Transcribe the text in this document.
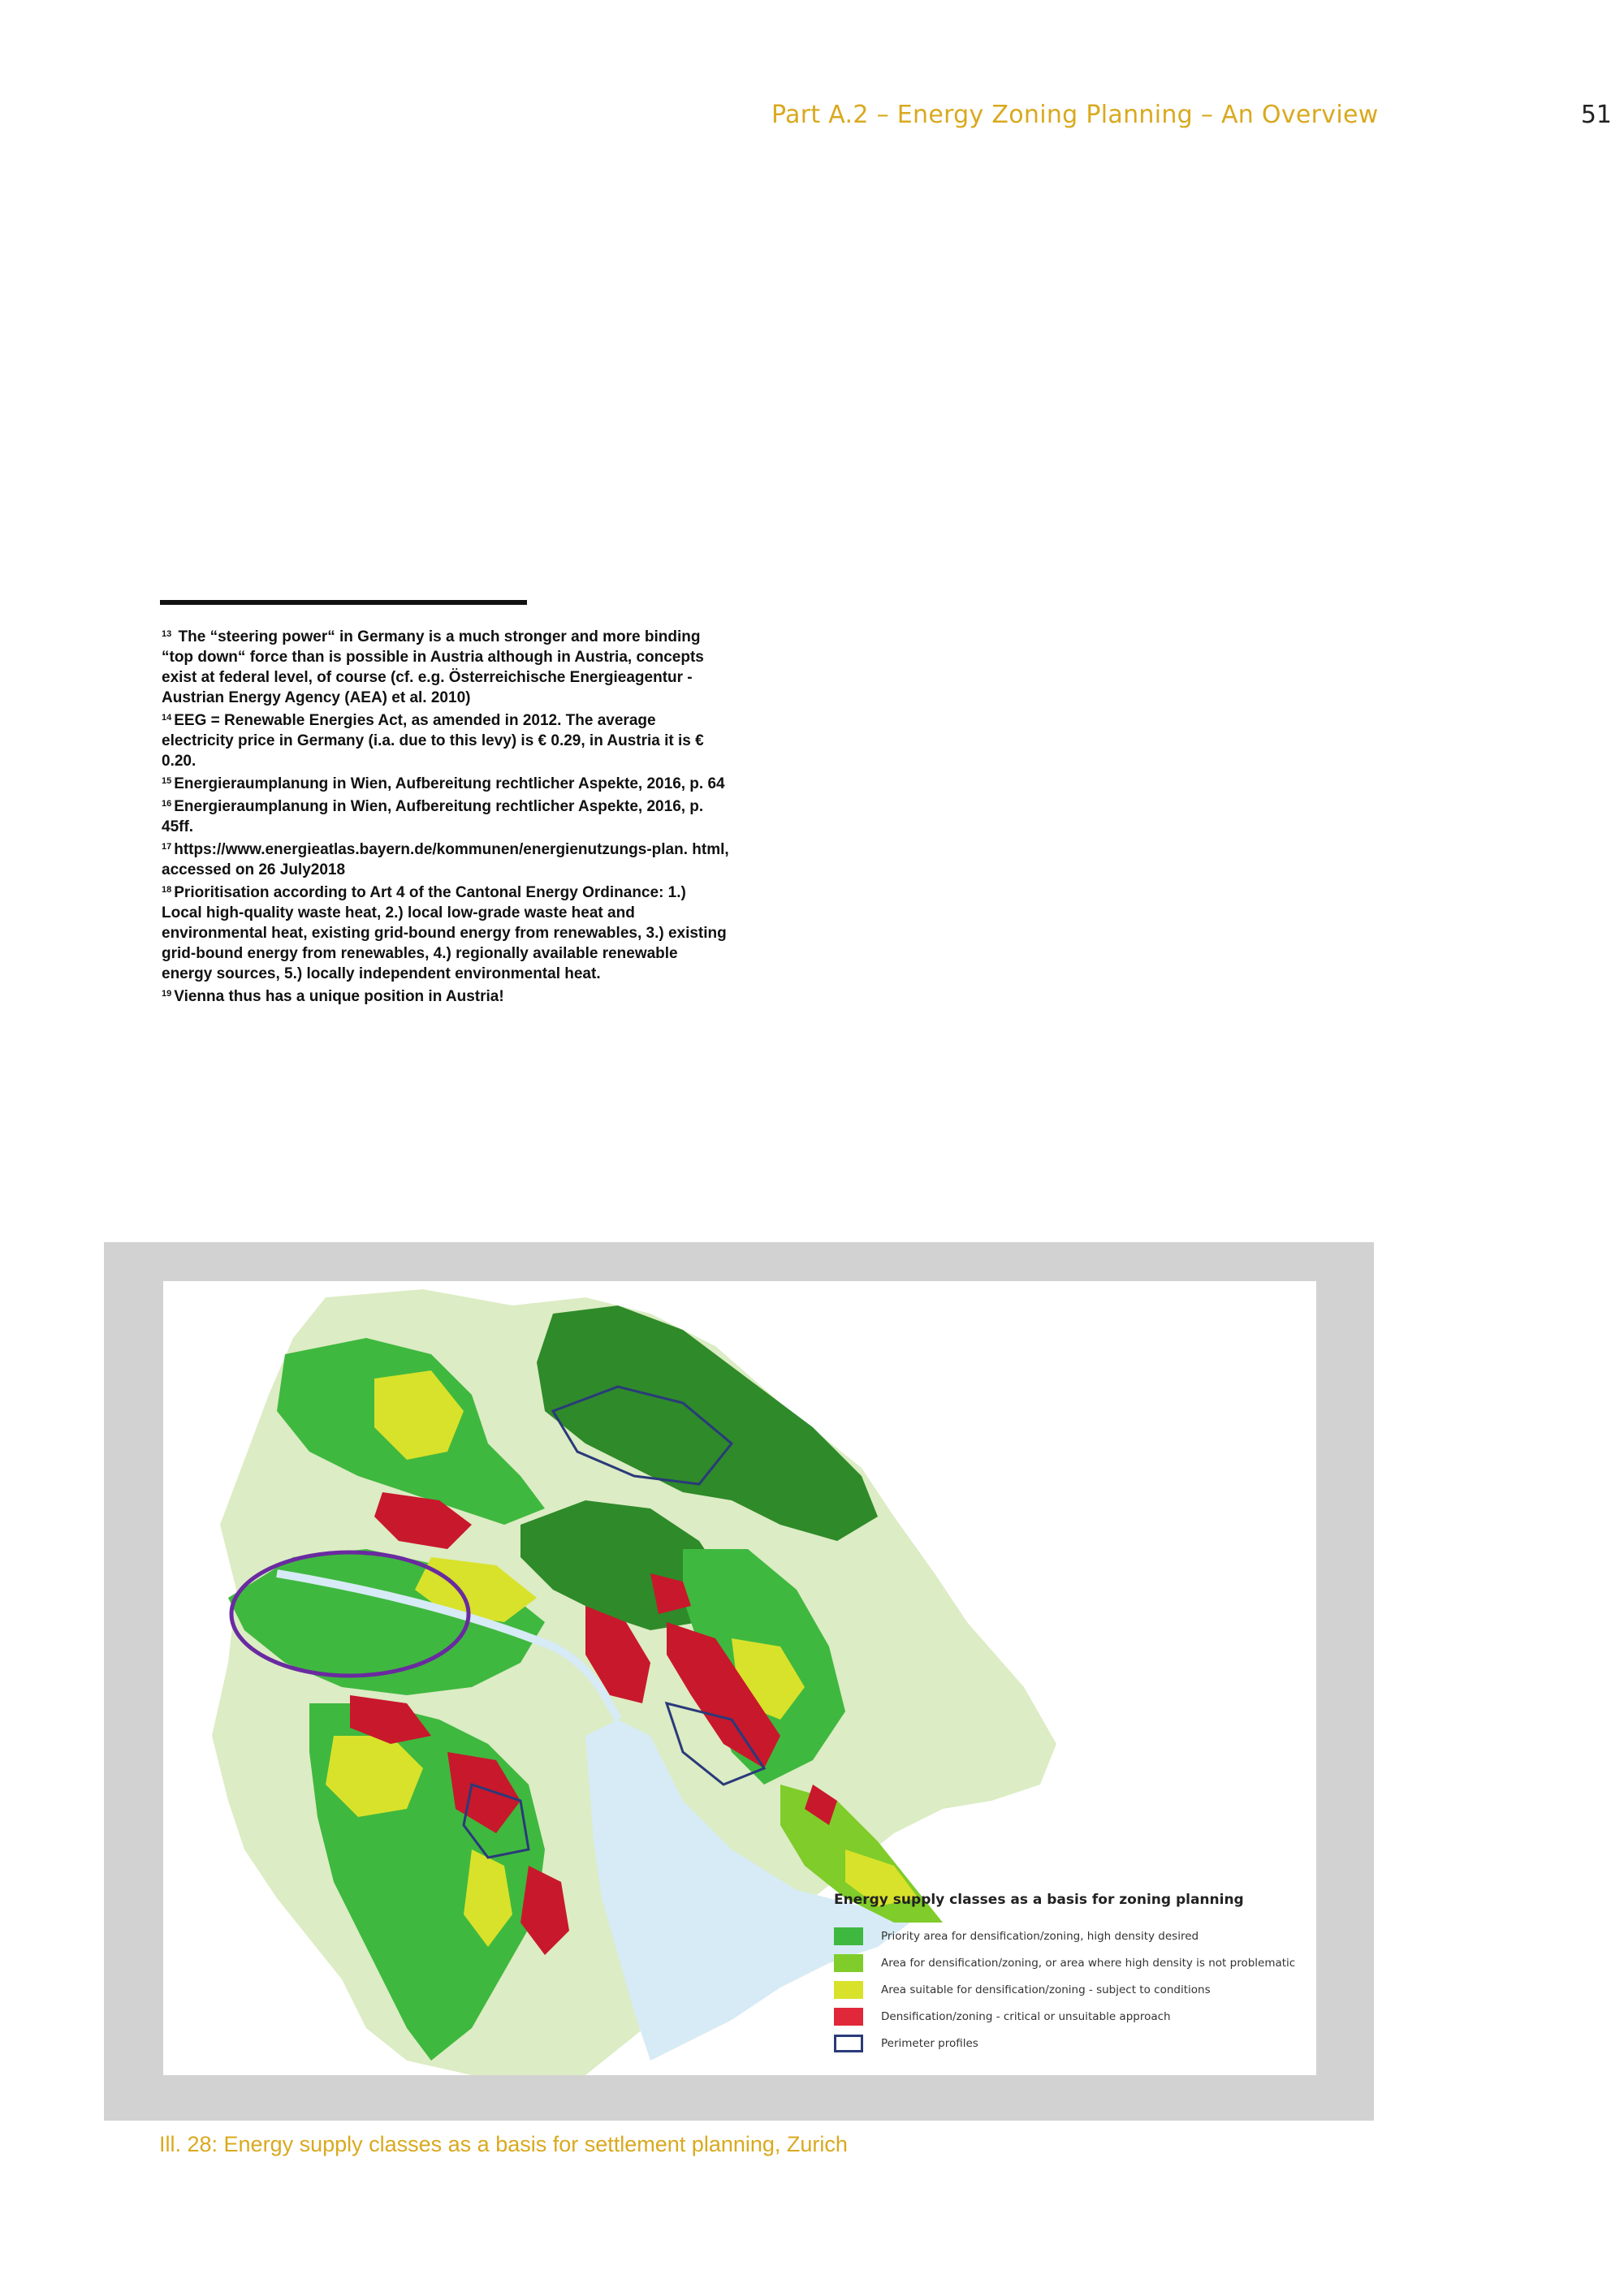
Part A.2 – Energy Zoning Planning – An Overview	51

$^{13}$ The “steering power“ in Germany is a much stronger and more binding “top down“ force than is possible in Austria although in Austria, concepts exist at federal level, of course (cf. e.g. Österreichische Energieagentur - Austrian Energy Agency (AEA) et al. 2010)

$^{14}$ EEG = Renewable Energies Act, as amended in 2012. The average electricity price in Germany (i.a. due to this levy) is € 0.29, in Austria it is € 0.20.

$^{15}$ Energieraumplanung in Wien, Aufbereitung rechtlicher Aspekte, 2016, p. 64

$^{16}$ Energieraumplanung in Wien, Aufbereitung rechtlicher Aspekte, 2016, p. 45ff.

$^{17}$ https://www.energieatlas.bayern.de/kommunen/energienutzungs-plan. html, accessed on 26 July2018

$^{18}$ Prioritisation according to Art 4 of the Cantonal Energy Ordinance: 1.) Local high-quality waste heat, 2.) local low-grade waste heat and environmental heat, existing grid-bound energy from renewables, 3.) existing grid-bound energy from renewables, 4.) regionally available renewable energy sources, 5.) locally independent environmental heat.

$^{19}$ Vienna thus has a unique position in Austria!

Energy supply classes as a basis for zoning planning
Priority area for densification/zoning, high density desired
Area for densification/zoning, or area where high density is not problematic
Area suitable for densification/zoning - subject to conditions
Densification/zoning - critical or unsuitable approach
Perimeter profiles
Ill. 28: Energy supply classes as a basis for settlement planning, Zurich
